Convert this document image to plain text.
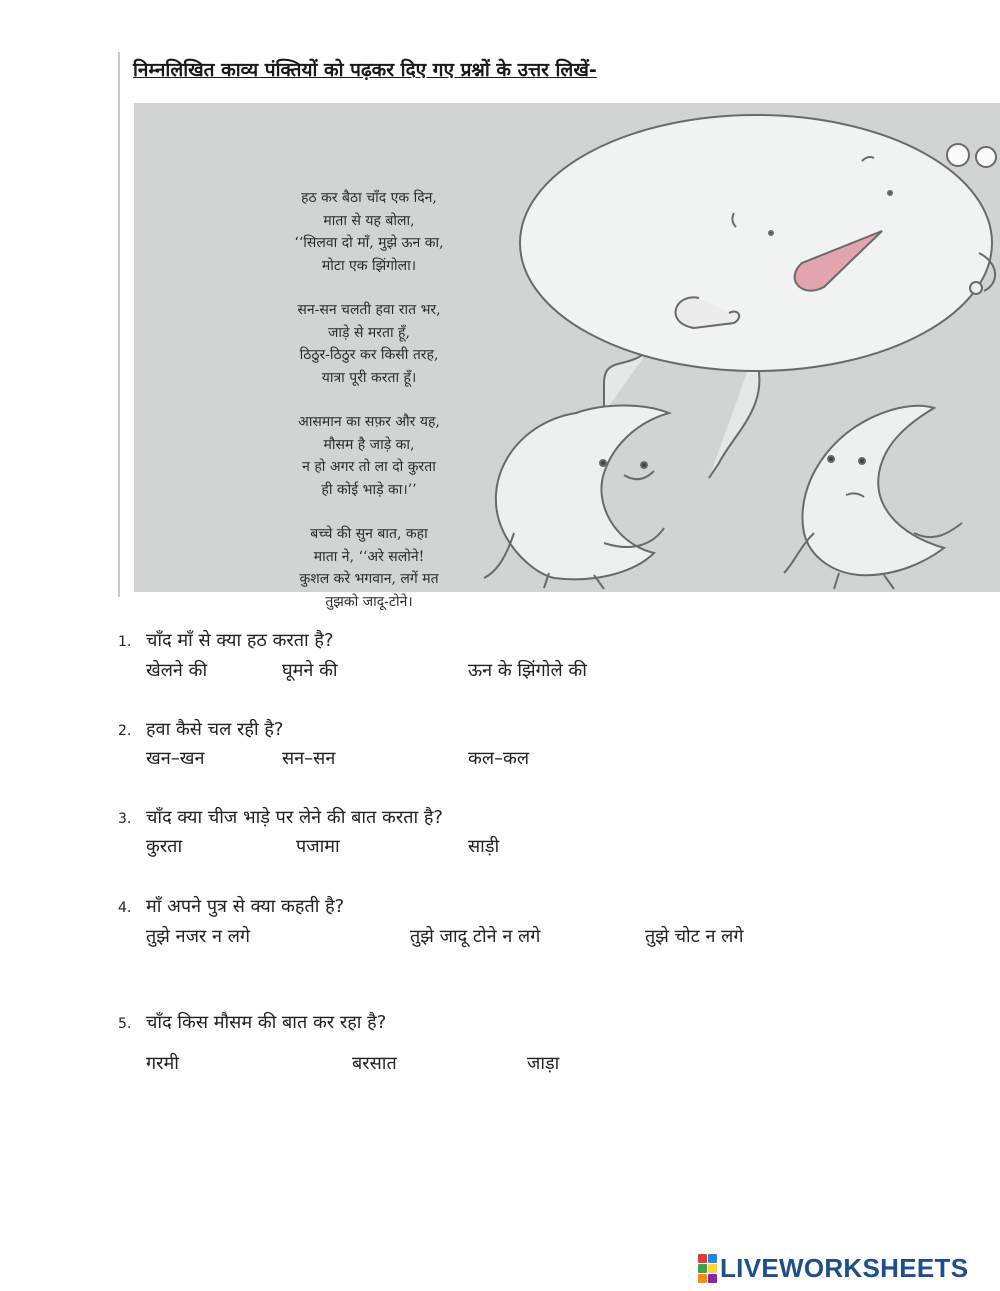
निम्नलिखित काव्य पंक्तियों को पढ़कर दिए गए प्रश्नों के उत्तर लिखें-
हठ कर बैठा चाँद एक दिन,
माता से यह बोला,
‘‘सिलवा दो माँ, मुझे ऊन का,
मोटा एक झिंगोला।
सन-सन चलती हवा रात भर,
जाड़े से मरता हूँ,
ठिठुर-ठिठुर कर किसी तरह,
यात्रा पूरी करता हूँ।
आसमान का सफ़र और यह,
मौसम है जाड़े का,
न हो अगर तो ला दो कुरता
ही कोई भाड़े का।’’
बच्चे की सुन बात, कहा
माता ने, ‘‘अरे सलोने!
कुशल करे भगवान, लगें मत
तुझको जादू-टोने।
1. चाँद माँ से क्या हठ करता है?
खेलने की	घूमने की	ऊन के झिंगोले की
2. हवा कैसे चल रही है?
खन–खन	सन–सन	कल–कल
3. चाँद क्या चीज भाड़े पर लेने की बात करता है?
कुरता	पजामा	साड़ी
4. माँ अपने पुत्र से क्या कहती है?
तुझे नजर न लगे	तुझे जादू टोने न लगे	तुझे चोट न लगे
5. चाँद किस मौसम की बात कर रहा है?
गरमी	बरसात	जाड़ा
LIVEWORKSHEETS
